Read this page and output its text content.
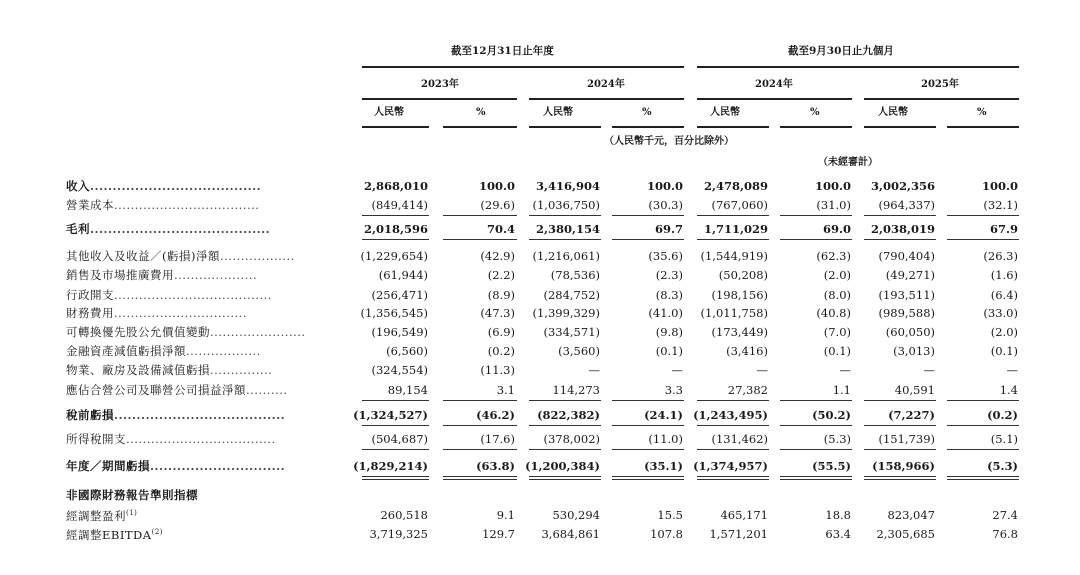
截至12月31日止年度	截至9月30日止九個月
2023年	2024年	2024年	2025年
人民幣	%	人民幣	%	人民幣	%	人民幣	%
（人民幣千元，百分比除外）
（未經審計）
收入......................................	2,868,010	100.0 3,416,904	100.0 2,478,089	100.0 3,002,356	100.0
營業成本...................................	(849,414)	(29.6) (1,036,750)	(30.3) (767,060)	(31.0) (964,337)	(32.1)
毛利........................................	2,018,596	70.4 2,380,154	69.7 1,711,029	69.0 2,038,019	67.9
其他收入及收益／(虧損)淨額..................	(1,229,654)	(42.9) (1,216,061)	(35.6) (1,544,919)	(62.3) (790,404)	(26.3)
銷售及市場推廣費用....................	(61,944)	(2.2)	(78,536)	(2.3)	(50,208)	(2.0)	(49,271)	(1.6)
行政開支......................................	(256,471)	(8.9) (284,752)	(8.3) (198,156)	(8.0) (193,511)	(6.4)
財務費用................................	(1,356,545)	(47.3) (1,399,329)	(41.0) (1,011,758)	(40.8) (989,588)	(33.0)
可轉換優先股公允價值變動.......................	(196,549)	(6.9) (334,571)	(9.8) (173,449)	(7.0)	(60,050)	(2.0)
金融資產減值虧損淨額..................	(6,560)	(0.2)	(3,560)	(0.1)	(3,416)	(0.1)	(3,013)	(0.1)
物業、廠房及設備減值虧損...............	(324,554)	(11.3)	—	—	—	—	—	—
應佔合營公司及聯營公司損益淨額..........	89,154	3.1	114,273	3.3	27,382	1.1	40,591	1.4
稅前虧損......................................	(1,324,527)	(46.2) (822,382)	(24.1) (1,243,495)	(50.2)	(7,227)	(0.2)
所得稅開支....................................	(504,687)	(17.6) (378,002)	(11.0) (131,462)	(5.3) (151,739)	(5.1)
年度／期間虧損..............................	(1,829,214)	(63.8) (1,200,384)	(35.1) (1,374,957)	(55.5) (158,966)	(5.3)
非國際財務報告準則指標
經調整盈利$^{(1)}$	260,518	9.1	530,294	15.5	465,171	18.8	823,047	27.4
經調整EBITDA$^{(2)}$	3,719,325	129.7 3,684,861	107.8 1,571,201	63.4 2,305,685	76.8
